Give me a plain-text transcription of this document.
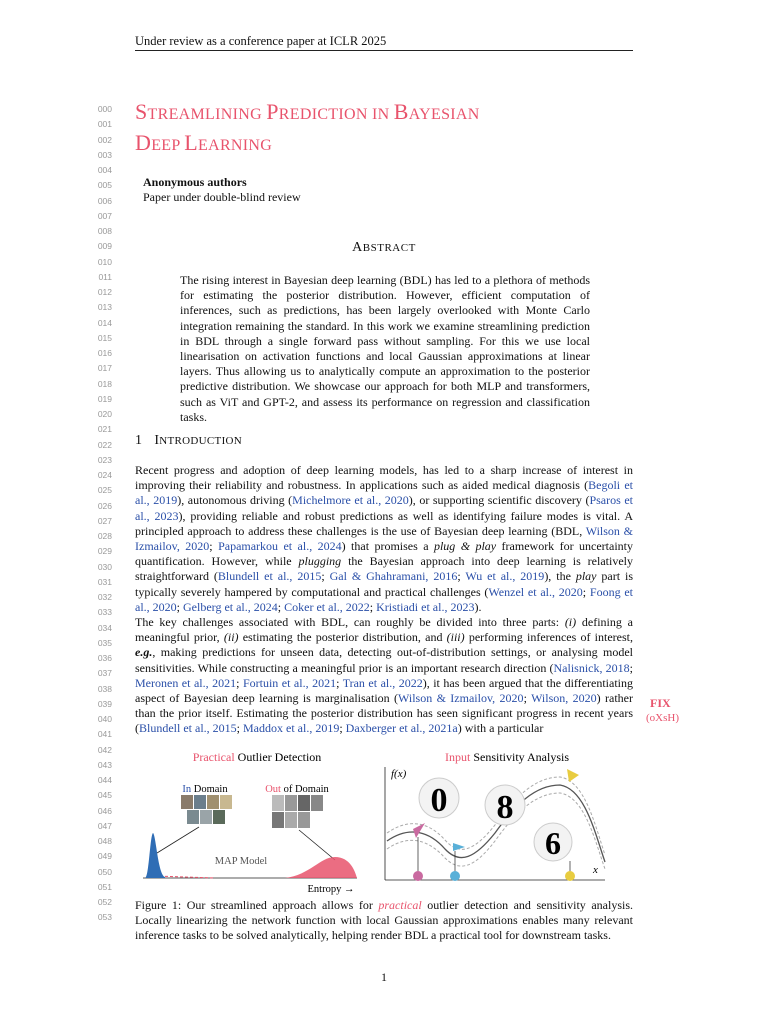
Under review as a conference paper at ICLR 2025
000
001
002
003
004
005
006
007
008
009
010
011
012
013
014
015
016
017
018
019
020
021
022
023
024
025
026
027
028
029
030
031
032
033
034
035
036
037
038
039
040
041
042
043
044
045
046
047
048
049
050
051
052
053
STREAMLINING PREDICTION IN BAYESIAN
DEEP LEARNING
Anonymous authors
Paper under double-blind review
ABSTRACT
The rising interest in Bayesian deep learning (BDL) has led to a plethora of methods for estimating the posterior distribution. However, efficient computation of inferences, such as predictions, has been largely overlooked with Monte Carlo integration remaining the standard. In this work we examine streamlining prediction in BDL through a single forward pass without sampling. For this we use local linearisation on activation functions and local Gaussian approximations at linear layers. Thus allowing us to analytically compute an approximation to the posterior predictive distribution. We showcase our approach for both MLP and transformers, such as ViT and GPT-2, and assess its performance on regression and classification tasks.
1 INTRODUCTION
Recent progress and adoption of deep learning models, has led to a sharp increase of interest in improving their reliability and robustness. In applications such as aided medical diagnosis (Begoli et al., 2019), autonomous driving (Michelmore et al., 2020), or supporting scientific discovery (Psaros et al., 2023), providing reliable and robust predictions as well as identifying failure modes is vital. A principled approach to address these challenges is the use of Bayesian deep learning (BDL, Wilson & Izmailov, 2020; Papamarkou et al., 2024) that promises a plug & play framework for uncertainty quantification. However, while plugging the Bayesian approach into deep learning is relatively straightforward (Blundell et al., 2015; Gal & Ghahramani, 2016; Wu et al., 2019), the play part is typically severely hampered by computational and practical challenges (Wenzel et al., 2020; Foong et al., 2020; Gelberg et al., 2024; Coker et al., 2022; Kristiadi et al., 2023).
The key challenges associated with BDL, can roughly be divided into three parts: (i) defining a meaningful prior, (ii) estimating the posterior distribution, and (iii) performing inferences of interest, e.g., making predictions for unseen data, detecting out-of-distribution settings, or analysing model sensitivities. While constructing a meaningful prior is an important research direction (Nalisnick, 2018; Meronen et al., 2021; Fortuin et al., 2021; Tran et al., 2022), it has been argued that the differentiating aspect of Bayesian deep learning is marginalisation (Wilson & Izmailov, 2020; Wilson, 2020) rather than the prior itself. Estimating the posterior distribution has seen significant progress in recent years (Blundell et al., 2015; Maddox et al., 2019; Daxberger et al., 2021a) with a particular
FIX
(oXsH)
Practical Outlier Detection
In Domain	Out of Domain
MAP Model
Entropy →
Input Sensitivity Analysis
f(x)
x
0 8
6
Figure 1: Our streamlined approach allows for practical outlier detection and sensitivity analysis. Locally linearizing the network function with local Gaussian approximations enables many relevant inference tasks to be solved analytically, helping render BDL a practical tool for downstream tasks.
1
